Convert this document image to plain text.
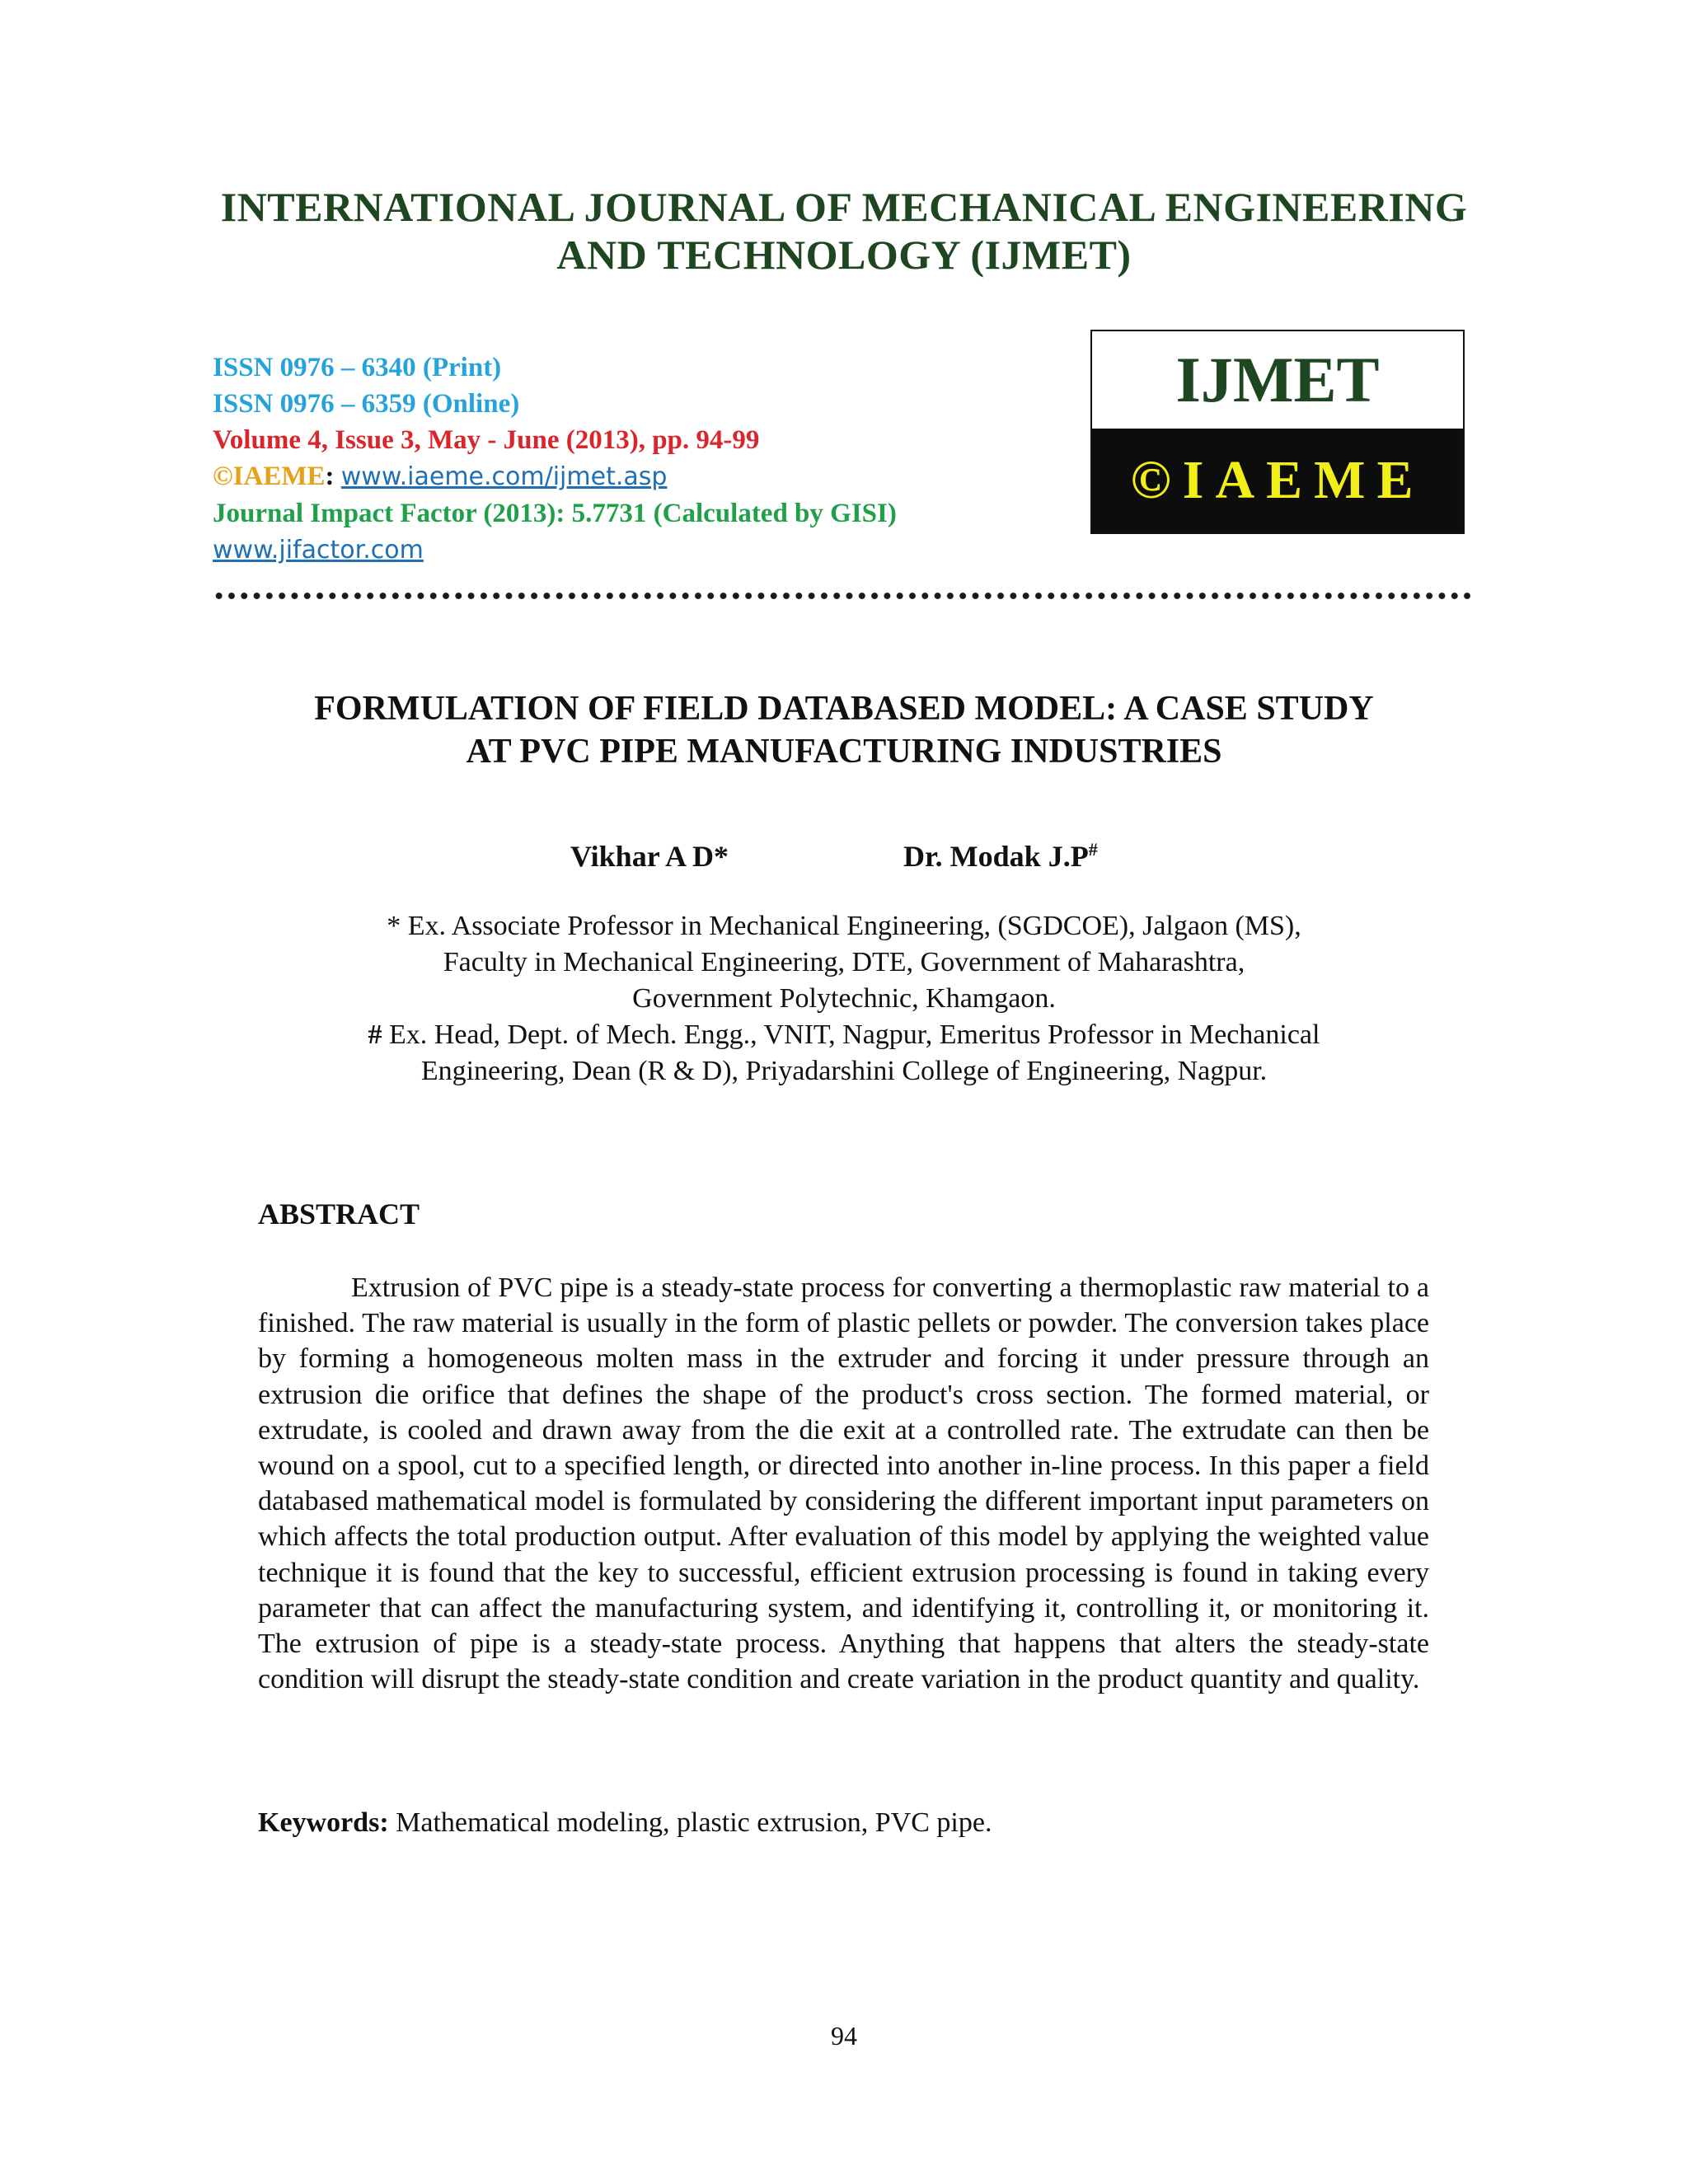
INTERNATIONAL JOURNAL OF MECHANICAL ENGINEERING
AND TECHNOLOGY (IJMET)
ISSN 0976 – 6340 (Print)
ISSN 0976 – 6359 (Online)
Volume 4, Issue 3, May - June (2013), pp. 94-99
©IAEME: www.iaeme.com/ijmet.asp
Journal Impact Factor (2013): 5.7731 (Calculated by GISI)
www.jifactor.com
IJMET
©IAEME
FORMULATION OF FIELD DATABASED MODEL: A CASE STUDY
AT PVC PIPE MANUFACTURING INDUSTRIES
Vikhar A D*	Dr. Modak J.P#
* Ex. Associate Professor in Mechanical Engineering, (SGDCOE), Jalgaon (MS),
Faculty in Mechanical Engineering, DTE, Government of Maharashtra,
Government Polytechnic, Khamgaon.
# Ex. Head, Dept. of Mech. Engg., VNIT, Nagpur, Emeritus Professor in Mechanical
Engineering, Dean (R & D), Priyadarshini College of Engineering, Nagpur.
ABSTRACT
Extrusion of PVC pipe is a steady-state process for converting a thermoplastic raw material to a finished. The raw material is usually in the form of plastic pellets or powder. The conversion takes place by forming a homogeneous molten mass in the extruder and forcing it under pressure through an extrusion die orifice that defines the shape of the product's cross section. The formed material, or extrudate, is cooled and drawn away from the die exit at a controlled rate. The extrudate can then be wound on a spool, cut to a specified length, or directed into another in-line process. In this paper a field databased mathematical model is formulated by considering the different important input parameters on which affects the total production output. After evaluation of this model by applying the weighted value technique it is found that the key to successful, efficient extrusion processing is found in taking every parameter that can affect the manufacturing system, and identifying it, controlling it, or monitoring it. The extrusion of pipe is a steady-state process. Anything that happens that alters the steady-state condition will disrupt the steady-state condition and create variation in the product quantity and quality.
Keywords: Mathematical modeling, plastic extrusion, PVC pipe.
94
